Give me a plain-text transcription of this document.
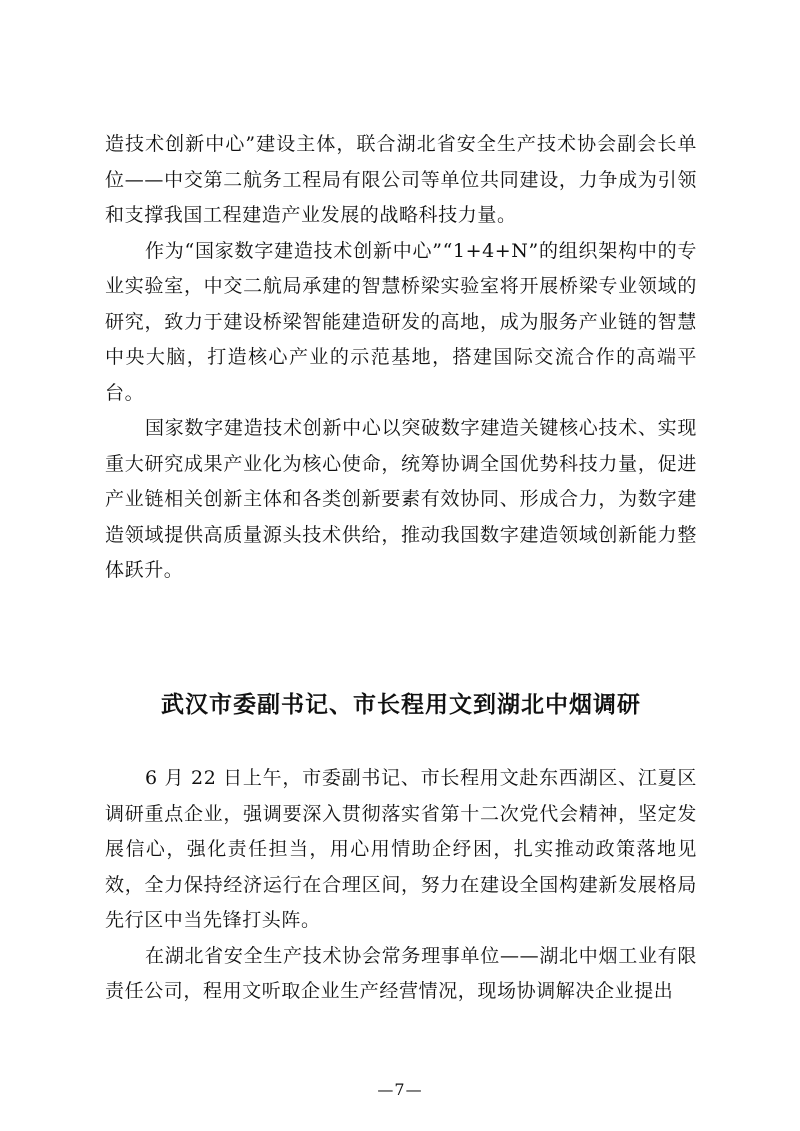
造技术创新中心”建设主体，联合湖北省安全生产技术协会副会长单位——中交第二航务工程局有限公司等单位共同建设，力争成为引领和支撑我国工程建造产业发展的战略科技力量。

作为“国家数字建造技术创新中心”“1+4+N”的组织架构中的专业实验室，中交二航局承建的智慧桥梁实验室将开展桥梁专业领域的研究，致力于建设桥梁智能建造研发的高地，成为服务产业链的智慧中央大脑，打造核心产业的示范基地，搭建国际交流合作的高端平台。

国家数字建造技术创新中心以突破数字建造关键核心技术、实现重大研究成果产业化为核心使命，统筹协调全国优势科技力量，促进产业链相关创新主体和各类创新要素有效协同、形成合力，为数字建造领域提供高质量源头技术供给，推动我国数字建造领域创新能力整体跃升。

武汉市委副书记、市长程用文到湖北中烟调研

6 月 22 日上午，市委副书记、市长程用文赴东西湖区、江夏区调研重点企业，强调要深入贯彻落实省第十二次党代会精神，坚定发展信心，强化责任担当，用心用情助企纾困，扎实推动政策落地见效，全力保持经济运行在合理区间，努力在建设全国构建新发展格局先行区中当先锋打头阵。

在湖北省安全生产技术协会常务理事单位——湖北中烟工业有限责任公司，程用文听取企业生产经营情况，现场协调解决企业提出

—7—
